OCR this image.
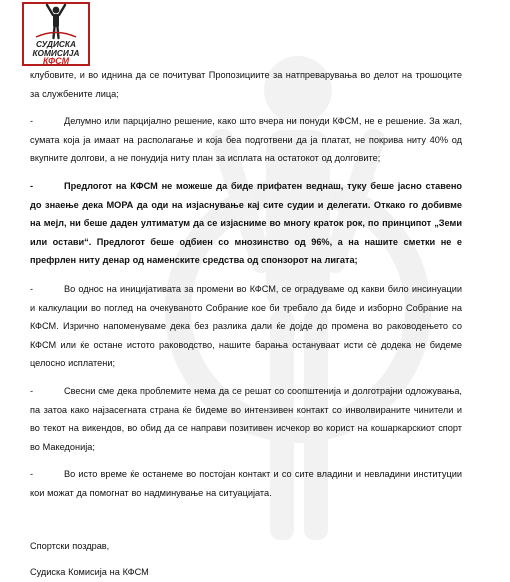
СУДИСКА
КОМИСИЈА
КФСМ
клубовите, и во иднина да се почитуват Пропозициите за натпреварувања во делот на трошоците за службените лица;
-	Делумно или парцијално решение, како што вчера ни понуди КФСМ, не е решение. За жал, сумата која ја имаат на располагање и која беа подготвени да ја платат, не покрива ниту 40% од вкупните долгови, а не понудија ниту план за исплата на остатокот од долговите;
-	Предлогот на КФСМ не можеше да биде прифатен веднаш, туку беше јасно ставено до знаење дека МОРА да оди на изјаснување кај сите судии и делегати. Откако го добивме на мејл, ни беше даден ултиматум да се изјасниме во многу краток рок, по принципот „Земи или остави“. Предлогот беше одбиен со мнозинство од 96%, а на нашите сметки не е префрлен ниту денар од наменските средства од спонзорот на лигата;
-	Во однос на иницијативата за промени во КФСМ, се оградуваме од какви било инсинуации и калкулации во поглед на очекуваното Собрание кое би требало да биде и изборно Собрание на КФСМ. Изрично напоменуваме дека без разлика дали ќе дојде до промена во раководењето со КФСМ или ќе остане истото раководство, нашите барања остануваат исти сè додека не бидеме целосно исплатени;
-	Свесни сме дека проблемите нема да се решат со соопштенија и долготрајни одложувања, па затоа како најзасегната страна ќе бидеме во интензивен контакт со инволвираните чинители и во текот на викендов, во обид да се направи позитивен исчекор во корист на кошаркарскиот спорт во Македонија;
-	Во исто време ќе останеме во постојан контакт и со сите владини и невладини институции кои можат да помогнат во надминување на ситуацијата.
Спортски поздрав,
Судиска Комисија на КФСМ
